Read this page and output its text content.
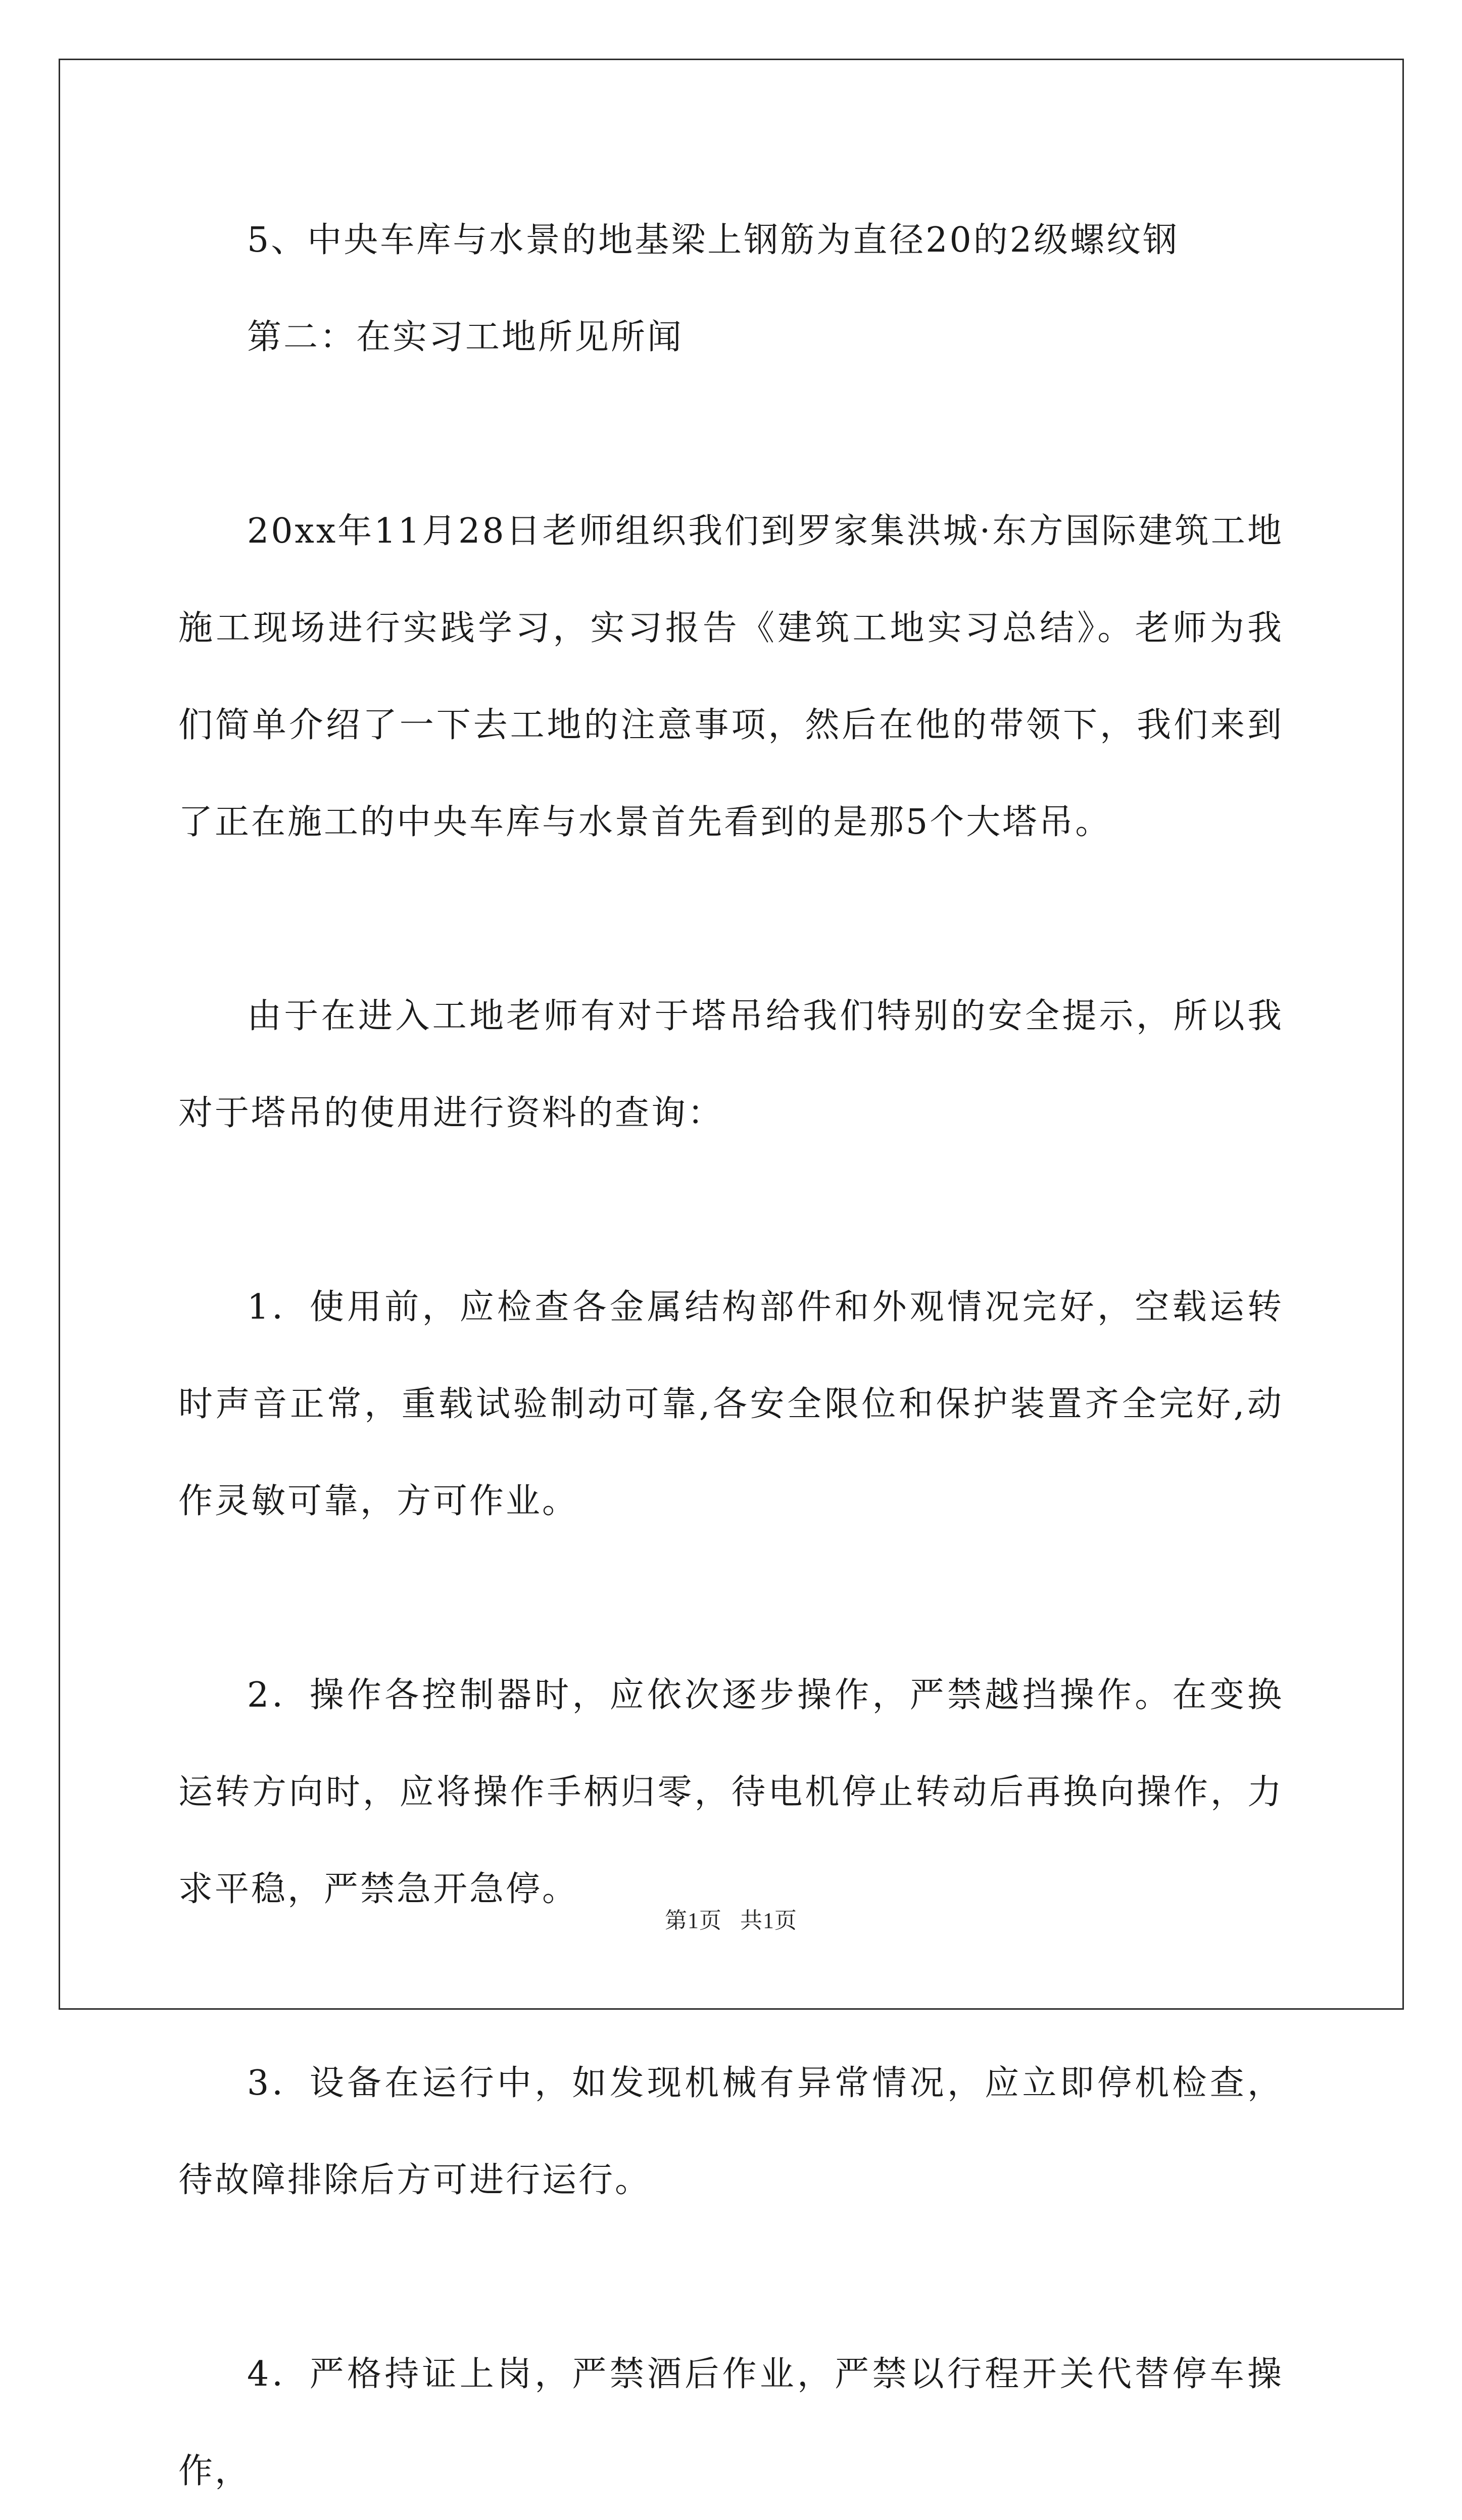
5、中央车库与水景的地基梁上钢筋为直径20的2级螺纹钢

第二：在实习工地所见所闻

20xx年11月28日老师组织我们到罗家集洪城·东方国际建筑工地施工现场进行实践学习，实习报告《建筑工地实习总结》。老师为我们简单介绍了一下去工地的注意事项，然后在他的带领下，我们来到了正在施工的中央车库与水景首先看到的是那5个大塔吊。

由于在进入工地老师有对于塔吊给我们特别的安全提示，所以我对于塔吊的使用进行资料的查询：

1．使用前，应检查各金属结构部件和外观情况完好，空载运转时声音正常，重载试验制动可靠,各安全限位和保护装置齐全完好,动作灵敏可靠，方可作业。

2．操作各控制器时，应依次逐步操作，严禁越挡操作。在变换运转方向时，应将操作手柄归零，待电机停止转动后再换向操作，力求平稳，严禁急开急停。

3．设备在运行中，如发现机械有异常情况，应立即停机检查，待故障排除后方可进行运行。

4．严格持证上岗，严禁酒后作业，严禁以行程开关代替停车操作，

第1页   共1页
